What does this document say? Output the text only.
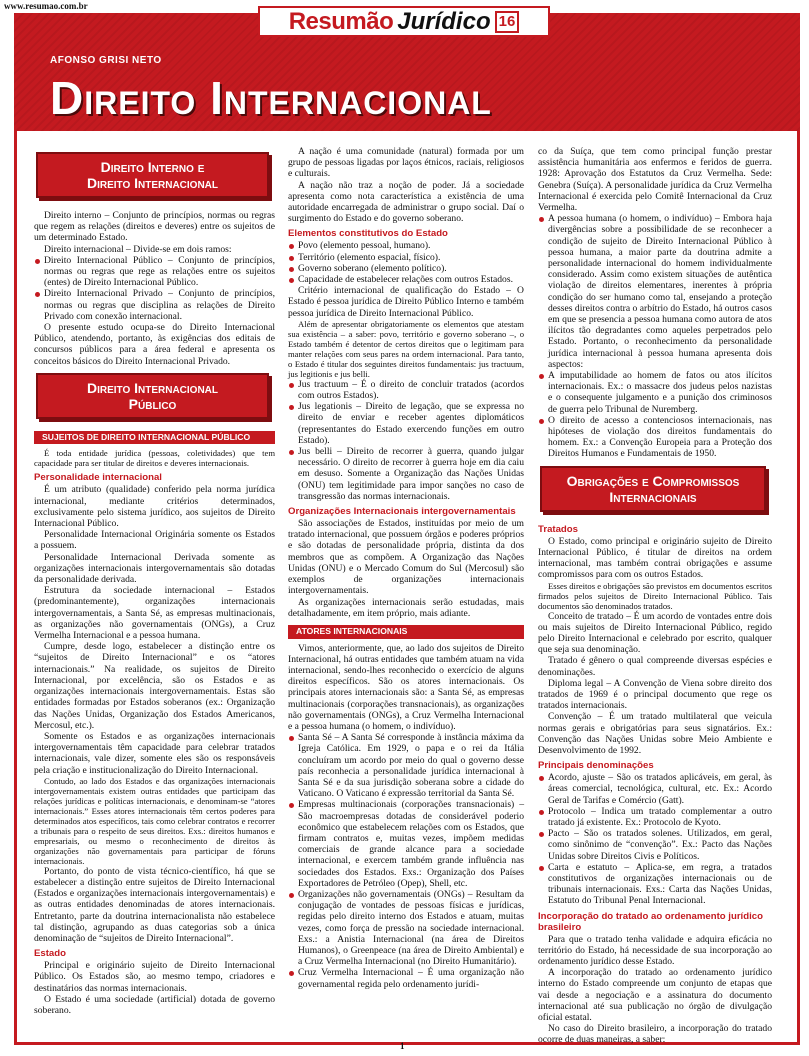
www.resumao.com.br
AFONSO GRISI NETO
Direito Internacional
Resumão Jurídico 16
Direito Interno e
Direito Internacional

Direito interno – Conjunto de princípios, normas ou regras que regem as relações (direitos e deveres) entre os sujeitos de um determinado Estado.

Direito internacional – Divide-se em dois ramos:

Direito Internacional Público – Conjunto de princípios, normas ou regras que rege as relações entre os sujeitos (entes) de Direito Internacional Público.
Direito Internacional Privado – Conjunto de princípios, normas ou regras que disciplina as relações de Direito Privado com conexão internacional.

O presente estudo ocupa-se do Direito Internacional Público, atendendo, portanto, às exigências dos editais de concursos públicos para a área federal e apresenta os conceitos básicos do Direito Internacional Privado.

Direito Internacional
Público
SUJEITOS DE DIREITO INTERNACIONAL PÚBLICO

É toda entidade jurídica (pessoas, coletividades) que tem capacidade para ser titular de direitos e deveres internacionais.

Personalidade internacional

É um atributo (qualidade) conferido pela norma jurídica internacional, mediante critérios determinados, exclusivamente pelo sistema jurídico, aos sujeitos de Direito Internacional Público.

Personalidade Internacional Originária somente os Estados a possuem.

Personalidade Internacional Derivada somente as organizações internacionais intergovernamentais são dotadas da personalidade derivada.

Estrutura da sociedade internacional – Estados (predominantemente), organizações internacionais intergovernamentais, a Santa Sé, as empresas multinacionais, as organizações não governamentais (ONGs), a Cruz Vermelha Internacional e a pessoa humana.

Cumpre, desde logo, estabelecer a distinção entre os “sujeitos de Direito Internacional” e os “atores internacionais.” Na realidade, os sujeitos de Direito Internacional, por excelência, são os Estados e as organizações internacionais intergovernamentais. Estas são entidades formadas por Estados soberanos (ex.: Organização das Nações Unidas, Organização dos Estados Americanos, Mercosul, etc.).

Somente os Estados e as organizações internacionais intergovernamentais têm capacidade para celebrar tratados internacionais, vale dizer, somente eles são os responsáveis pela criação e institucionalização do Direito Internacional.

Contudo, ao lado dos Estados e das organizações internacionais intergovernamentais existem outras entidades que participam das relações jurídicas e políticas internacionais, e denominam-se “atores internacionais.” Esses atores internacionais têm certos poderes para determinados atos específicos, tais como celebrar contratos e recorrer a tribunais para o respeito de seus direitos. Exs.: direitos humanos e empresariais, ou mesmo o reconhecimento de direitos às organizações não governamentais para participar de fóruns internacionais.

Portanto, do ponto de vista técnico-científico, há que se estabelecer a distinção entre sujeitos de Direito Internacional (Estados e organizações internacionais intergovernamentais) e as outras entidades denominadas de atores internacionais. Entretanto, parte da doutrina internacionalista não estabelece tal distinção, agrupando as duas categorias sob a única denominação de “sujeitos de Direito Internacional”.

Estado

Principal e originário sujeito de Direito Internacional Público. Os Estados são, ao mesmo tempo, criadores e destinatários das normas internacionais.

O Estado é uma sociedade (artificial) dotada de governo soberano.

A nação é uma comunidade (natural) formada por um grupo de pessoas ligadas por laços étnicos, raciais, religiosos e culturais.

A nação não traz a noção de poder. Já a sociedade apresenta como nota característica a existência de uma autoridade encarregada de administrar o grupo social. Daí o surgimento do Estado e do governo soberano.

Elementos constitutivos do Estado
Povo (elemento pessoal, humano).
Território (elemento espacial, físico).
Governo soberano (elemento político).
Capacidade de estabelecer relações com outros Estados.

Critério internacional de qualificação do Estado – O Estado é pessoa jurídica de Direito Público Interno e também pessoa jurídica de Direito Internacional Público.

Além de apresentar obrigatoriamente os elementos que atestam sua existência – a saber: povo, território e governo soberano –, o Estado também é detentor de certos direitos que o legitimam para manter relações com seus pares na ordem internacional. Para tanto, o Estado é titular dos seguintes direitos fundamentais: jus tractuum, jus legitionis e jus belli.

Jus tractuum – É o direito de concluir tratados (acordos com outros Estados).
Jus legationis – Direito de legação, que se expressa no direito de enviar e receber agentes diplomáticos (representantes do Estado exercendo funções em outro Estado).
Jus belli – Direito de recorrer à guerra, quando julgar necessário. O direito de recorrer à guerra hoje em dia caiu em desuso. Somente a Organização das Nações Unidas (ONU) tem legitimidade para impor sanções no caso de transgressão das normas internacionais.
Organizações Internacionais intergovernamentais

São associações de Estados, instituídas por meio de um tratado internacional, que possuem órgãos e poderes próprios e são dotadas de personalidade própria, distinta da dos membros que as compõem. A Organização das Nações Unidas (ONU) e o Mercado Comum do Sul (Mercosul) são exemplos de organizações internacionais intergovernamentais.

As organizações internacionais serão estudadas, mais detalhadamente, em item próprio, mais adiante.

ATORES INTERNACIONAIS

Vimos, anteriormente, que, ao lado dos sujeitos de Direito Internacional, há outras entidades que também atuam na vida internacional, sendo-lhes reconhecido o exercício de alguns direitos específicos. São os atores internacionais. Os principais atores internacionais são: a Santa Sé, as empresas multinacionais (corporações transnacionais), as organizações não governamentais (ONGs), a Cruz Vermelha Internacional e a pessoa humana (o homem, o indivíduo).

Santa Sé – A Santa Sé corresponde à instância máxima da Igreja Católica. Em 1929, o papa e o rei da Itália concluíram um acordo por meio do qual o governo desse país reconhecia a personalidade jurídica internacional à Santa Sé e da sua jurisdição soberana sobre a cidade do Vaticano. O Vaticano é expressão territorial da Santa Sé.
Empresas multinacionais (corporações transnacionais) – São macroempresas dotadas de considerável poderio econômico que estabelecem relações com os Estados, que firmam contratos e, muitas vezes, impõem medidas comerciais de grande alcance para a sociedade internacional, e exercem também grande influência nas sociedades dos Estados. Exs.: Organização dos Países Exportadores de Petróleo (Opep), Shell, etc.
Organizações não governamentais (ONGs) – Resultam da conjugação de vontades de pessoas físicas e jurídicas, regidas pelo direito interno dos Estados e atuam, muitas vezes, como força de pressão na sociedade internacional. Exs.: a Anistia Internacional (na área de Direitos Humanos), o Greenpeace (na área de Direito Ambiental) e a Cruz Vermelha Internacional (no Direito Humanitário).
Cruz Vermelha Internacional – É uma organização não governamental regida pelo ordenamento jurídi-

co da Suíça, que tem como principal função prestar assistência humanitária aos enfermos e feridos de guerra. 1928: Aprovação dos Estatutos da Cruz Vermelha. Sede: Genebra (Suíça). A personalidade jurídica da Cruz Vermelha Internacional é exercida pelo Comitê Internacional da Cruz Vermelha.

A pessoa humana (o homem, o indivíduo) – Embora haja divergências sobre a possibilidade de se reconhecer a condição de sujeito de Direito Internacional Público à pessoa humana, a maior parte da doutrina admite a personalidade internacional do homem individualmente considerado. Assim como existem situações de autêntica violação de direitos elementares, inerentes à própria condição do ser humano como tal, ensejando a proteção desses direitos contra o arbítrio do Estado, há outros casos em que se presencia a pessoa humana como autora de atos ilícitos tão degradantes como aqueles perpetrados pelo Estado. Portanto, o reconhecimento da personalidade jurídica internacional à pessoa humana apresenta dois aspectos:
A imputabilidade ao homem de fatos ou atos ilícitos internacionais. Ex.: o massacre dos judeus pelos nazistas e o consequente julgamento e a punição dos criminosos de guerra pelo Tribunal de Nuremberg.
O direito de acesso a contenciosos internacionais, nas hipóteses de violação dos direitos fundamentais do homem. Ex.: a Convenção Europeia para a Proteção dos Direitos Humanos e Fundamentais de 1950.
Obrigações e Compromissos
Internacionais
Tratados

O Estado, como principal e originário sujeito de Direito Internacional Público, é titular de direitos na ordem internacional, mas também contrai obrigações e assume compromissos para com os outros Estados.

Esses direitos e obrigações são previstos em documentos escritos firmados pelos sujeitos de Direito Internacional Público. Tais documentos são denominados tratados.

Conceito de tratado – É um acordo de vontades entre dois ou mais sujeitos de Direito Internacional Público, regido pelo Direito Internacional e celebrado por escrito, qualquer que seja sua denominação.

Tratado é gênero o qual compreende diversas espécies e denominações.

Diploma legal – A Convenção de Viena sobre direito dos tratados de 1969 é o principal documento que rege os tratados internacionais.

Convenção – É um tratado multilateral que veicula normas gerais e obrigatórias para seus signatários. Ex.: Convenção das Nações Unidas sobre Meio Ambiente e Desenvolvimento de 1992.

Principais denominações
Acordo, ajuste – São os tratados aplicáveis, em geral, às áreas comercial, tecnológica, cultural, etc. Ex.: Acordo Geral de Tarifas e Comércio (Gatt).
Protocolo – Indica um tratado complementar a outro tratado já existente. Ex.: Protocolo de Kyoto.
Pacto – São os tratados solenes. Utilizados, em geral, como sinônimo de “convenção”. Ex.: Pacto das Nações Unidas sobre Direitos Civis e Políticos.
Carta e estatuto – Aplica-se, em regra, a tratados constitutivos de organizações internacionais ou de tribunais internacionais. Exs.: Carta das Nações Unidas, Estatuto do Tribunal Penal Internacional.
Incorporação do tratado ao ordenamento jurídico brasileiro

Para que o tratado tenha validade e adquira eficácia no território do Estado, há necessidade de sua incorporação ao ordenamento jurídico desse Estado.

A incorporação do tratado ao ordenamento jurídico interno do Estado compreende um conjunto de etapas que vai desde a negociação e a assinatura do documento internacional até sua publicação no órgão de divulgação oficial estatal.

No caso do Direito brasileiro, a incorporação do tratado ocorre de duas maneiras, a saber:

1
